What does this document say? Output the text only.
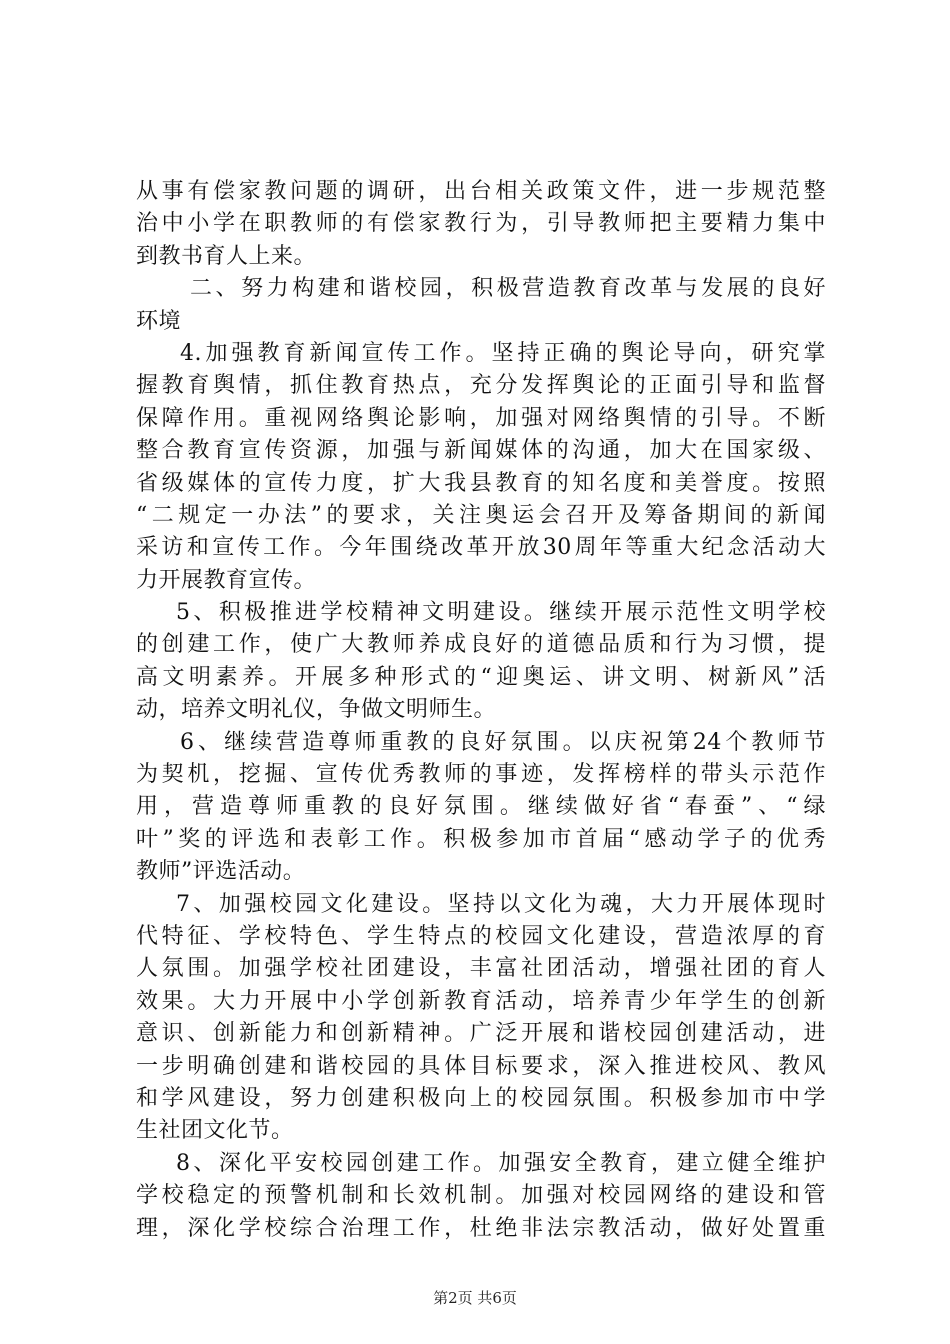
从事有偿家教问题的调研，出台相关政策文件，进一步规范整
治中小学在职教师的有偿家教行为，引导教师把主要精力集中
到教书育人上来。
二、努力构建和谐校园，积极营造教育改革与发展的良好
环境
4.加强教育新闻宣传工作。坚持正确的舆论导向，研究掌
握教育舆情，抓住教育热点，充分发挥舆论的正面引导和监督
保障作用。重视网络舆论影响，加强对网络舆情的引导。不断
整合教育宣传资源，加强与新闻媒体的沟通，加大在国家级、
省级媒体的宣传力度，扩大我县教育的知名度和美誉度。按照
“二规定一办法”的要求，关注奥运会召开及筹备期间的新闻
采访和宣传工作。今年围绕改革开放30周年等重大纪念活动大
力开展教育宣传。
5、积极推进学校精神文明建设。继续开展示范性文明学校
的创建工作，使广大教师养成良好的道德品质和行为习惯，提
高文明素养。开展多种形式的“迎奥运、讲文明、树新风”活
动，培养文明礼仪，争做文明师生。
6、继续营造尊师重教的良好氛围。以庆祝第24个教师节
为契机，挖掘、宣传优秀教师的事迹，发挥榜样的带头示范作
用，营造尊师重教的良好氛围。继续做好省“春蚕”、“绿
叶”奖的评选和表彰工作。积极参加市首届“感动学子的优秀
教师”评选活动。
7、加强校园文化建设。坚持以文化为魂，大力开展体现时
代特征、学校特色、学生特点的校园文化建设，营造浓厚的育
人氛围。加强学校社团建设，丰富社团活动，增强社团的育人
效果。大力开展中小学创新教育活动，培养青少年学生的创新
意识、创新能力和创新精神。广泛开展和谐校园创建活动，进
一步明确创建和谐校园的具体目标要求，深入推进校风、教风
和学风建设，努力创建积极向上的校园氛围。积极参加市中学
生社团文化节。
8、深化平安校园创建工作。加强安全教育，建立健全维护
学校稳定的预警机制和长效机制。加强对校园网络的建设和管
理，深化学校综合治理工作，杜绝非法宗教活动，做好处置重
第2页 共6页
